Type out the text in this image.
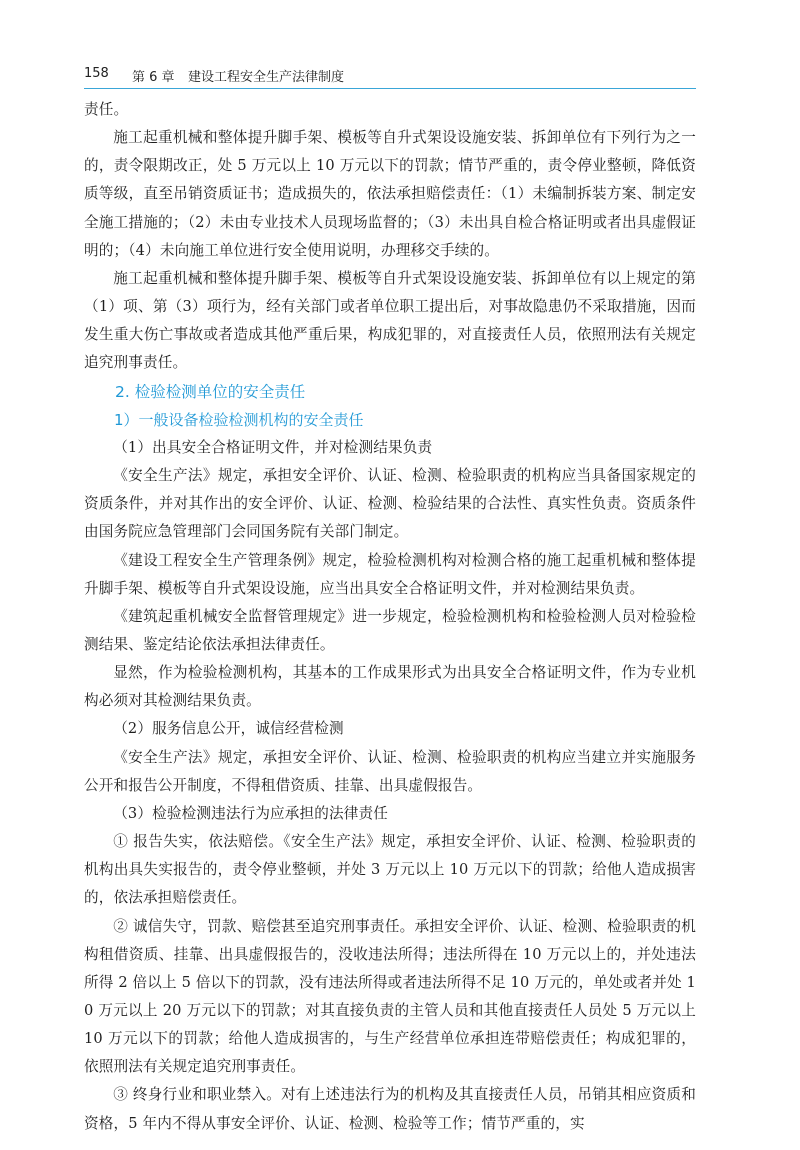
158 第 6 章 建设工程安全生产法律制度

责任。

施工起重机械和整体提升脚手架、模板等自升式架设设施安装、拆卸单位有下列行为之一的，责令限期改正，处 5 万元以上 10 万元以下的罚款；情节严重的，责令停业整顿，降低资质等级，直至吊销资质证书；造成损失的，依法承担赔偿责任：（1）未编制拆装方案、制定安全施工措施的；（2）未由专业技术人员现场监督的；（3）未出具自检合格证明或者出具虚假证明的；（4）未向施工单位进行安全使用说明，办理移交手续的。

施工起重机械和整体提升脚手架、模板等自升式架设设施安装、拆卸单位有以上规定的第（1）项、第（3）项行为，经有关部门或者单位职工提出后，对事故隐患仍不采取措施，因而发生重大伤亡事故或者造成其他严重后果，构成犯罪的，对直接责任人员，依照刑法有关规定追究刑事责任。

2. 检验检测单位的安全责任
1）一般设备检验检测机构的安全责任

（1）出具安全合格证明文件，并对检测结果负责

《安全生产法》规定，承担安全评价、认证、检测、检验职责的机构应当具备国家规定的资质条件，并对其作出的安全评价、认证、检测、检验结果的合法性、真实性负责。资质条件由国务院应急管理部门会同国务院有关部门制定。

《建设工程安全生产管理条例》规定，检验检测机构对检测合格的施工起重机械和整体提升脚手架、模板等自升式架设设施，应当出具安全合格证明文件，并对检测结果负责。

《建筑起重机械安全监督管理规定》进一步规定，检验检测机构和检验检测人员对检验检测结果、鉴定结论依法承担法律责任。

显然，作为检验检测机构，其基本的工作成果形式为出具安全合格证明文件，作为专业机构必须对其检测结果负责。

（2）服务信息公开，诚信经营检测

《安全生产法》规定，承担安全评价、认证、检测、检验职责的机构应当建立并实施服务公开和报告公开制度，不得租借资质、挂靠、出具虚假报告。

（3）检验检测违法行为应承担的法律责任

① 报告失实，依法赔偿。《安全生产法》规定，承担安全评价、认证、检测、检验职责的机构出具失实报告的，责令停业整顿，并处 3 万元以上 10 万元以下的罚款；给他人造成损害的，依法承担赔偿责任。

② 诚信失守，罚款、赔偿甚至追究刑事责任。承担安全评价、认证、检测、检验职责的机构租借资质、挂靠、出具虚假报告的，没收违法所得；违法所得在 10 万元以上的，并处违法所得 2 倍以上 5 倍以下的罚款，没有违法所得或者违法所得不足 10 万元的，单处或者并处 10 万元以上 20 万元以下的罚款；对其直接负责的主管人员和其他直接责任人员处 5 万元以上 10 万元以下的罚款；给他人造成损害的，与生产经营单位承担连带赔偿责任；构成犯罪的，依照刑法有关规定追究刑事责任。

③ 终身行业和职业禁入。对有上述违法行为的机构及其直接责任人员，吊销其相应资质和资格，5 年内不得从事安全评价、认证、检测、检验等工作；情节严重的，实
